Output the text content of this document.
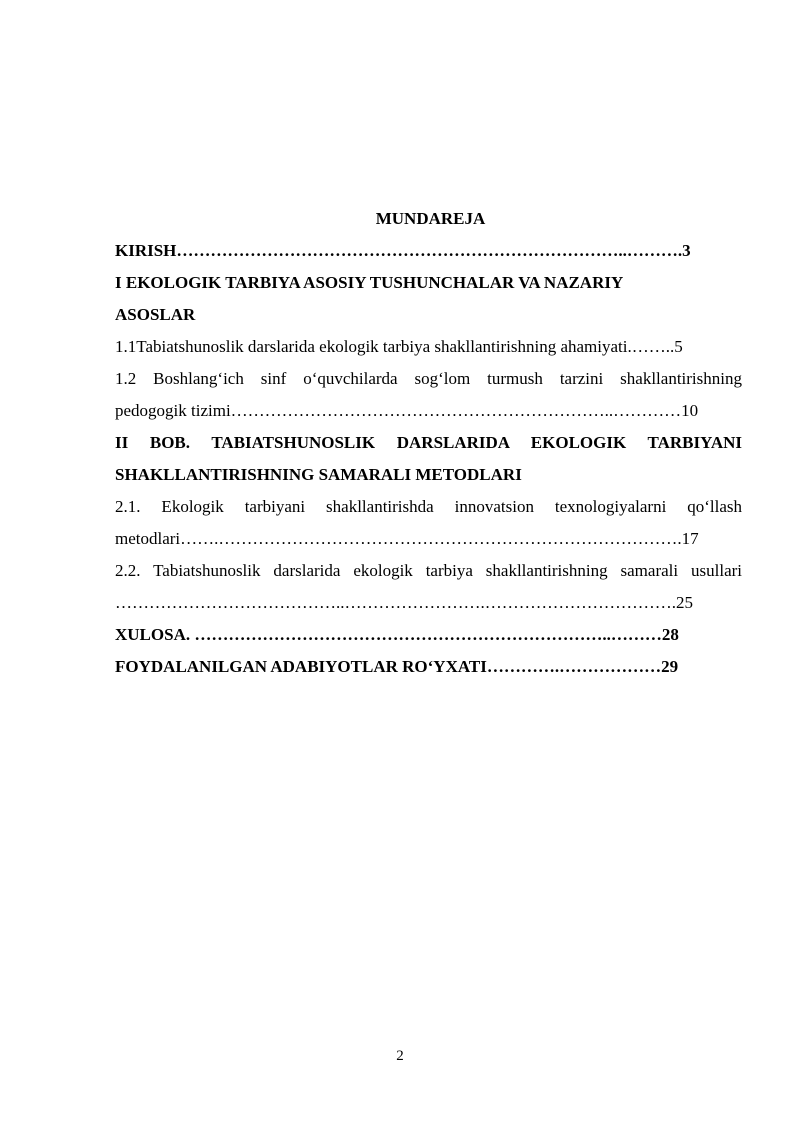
MUNDAREJA
KIRISH……………………………………………………………………..……….3
I EKOLOGIK TARBIYA ASOSIY TUSHUNCHALAR VA NAZARIY
ASOSLAR
1.1Tabiatshunoslik darslarida ekologik tarbiya shakllantirishning ahamiyati.……..5
1.2 Boshlang‘ich sinf o‘quvchilarda sog‘lom turmush tarzini shakllantirishning
pedogogik tizimi…………………………………………………………..…………10
II BOB. TABIATSHUNOSLIK DARSLARIDA EKOLOGIK TARBIYANI
SHAKLLANTIRISHNING SAMARALI METODLARI
2.1. Ekologik tarbiyani shakllantirishda innovatsion texnologiyalarni qo‘llash
metodlari…….……………………………………………………………………….17
2.2. Tabiatshunoslik darslarida ekologik tarbiya shakllantirishning samarali usullari
…………………………………..…………………….…………………………….25
XULOSA. ………………………………………………………………..………28
FOYDALANILGAN ADABIYOTLAR RO‘YXATI………….………………29
2
